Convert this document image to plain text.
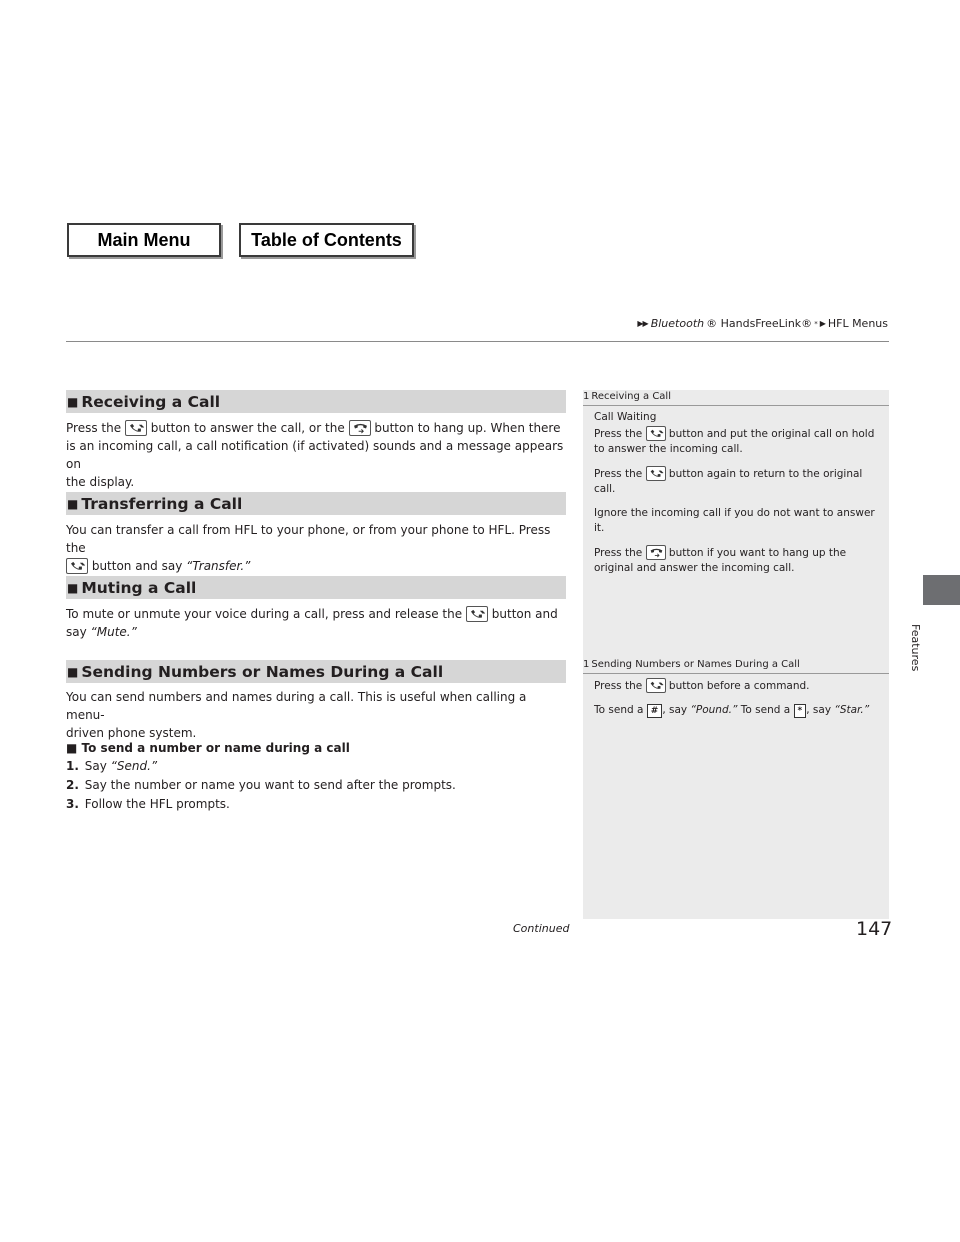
Main Menu	Table of Contents
▶▶ Bluetooth ® HandsFreeLink® * ▶ HFL Menus
■ Receiving a Call
Press the button to answer the call, or the button to hang up. When there
is an incoming call, a call notification (if activated) sounds and a message appears on
the display.
■ Transferring a Call
You can transfer a call from HFL to your phone, or from your phone to HFL. Press the

button and say “Transfer.”
■ Muting a Call
To mute or unmute your voice during a call, press and release the button and
say “Mute.”
■ Sending Numbers or Names During a Call
You can send numbers and names during a call. This is useful when calling a menu-
driven phone system.
■ To send a number or name during a call
1. Say “Send.”
2. Say the number or name you want to send after the prompts.
3. Follow the HFL prompts.
1 Receiving a Call
Call Waiting
Press the	button and put the original call on hold
to answer the incoming call.
Press the	button again to return to the original
call.
Ignore the incoming call if you do not want to answer
it.
Press the	button if you want to hang up the
original and answer the incoming call.
1 Sending Numbers or Names During a Call
Press the	button before a command.
To send a # , say “Pound.” To send a * , say “Star.”
Features
Continued	147
